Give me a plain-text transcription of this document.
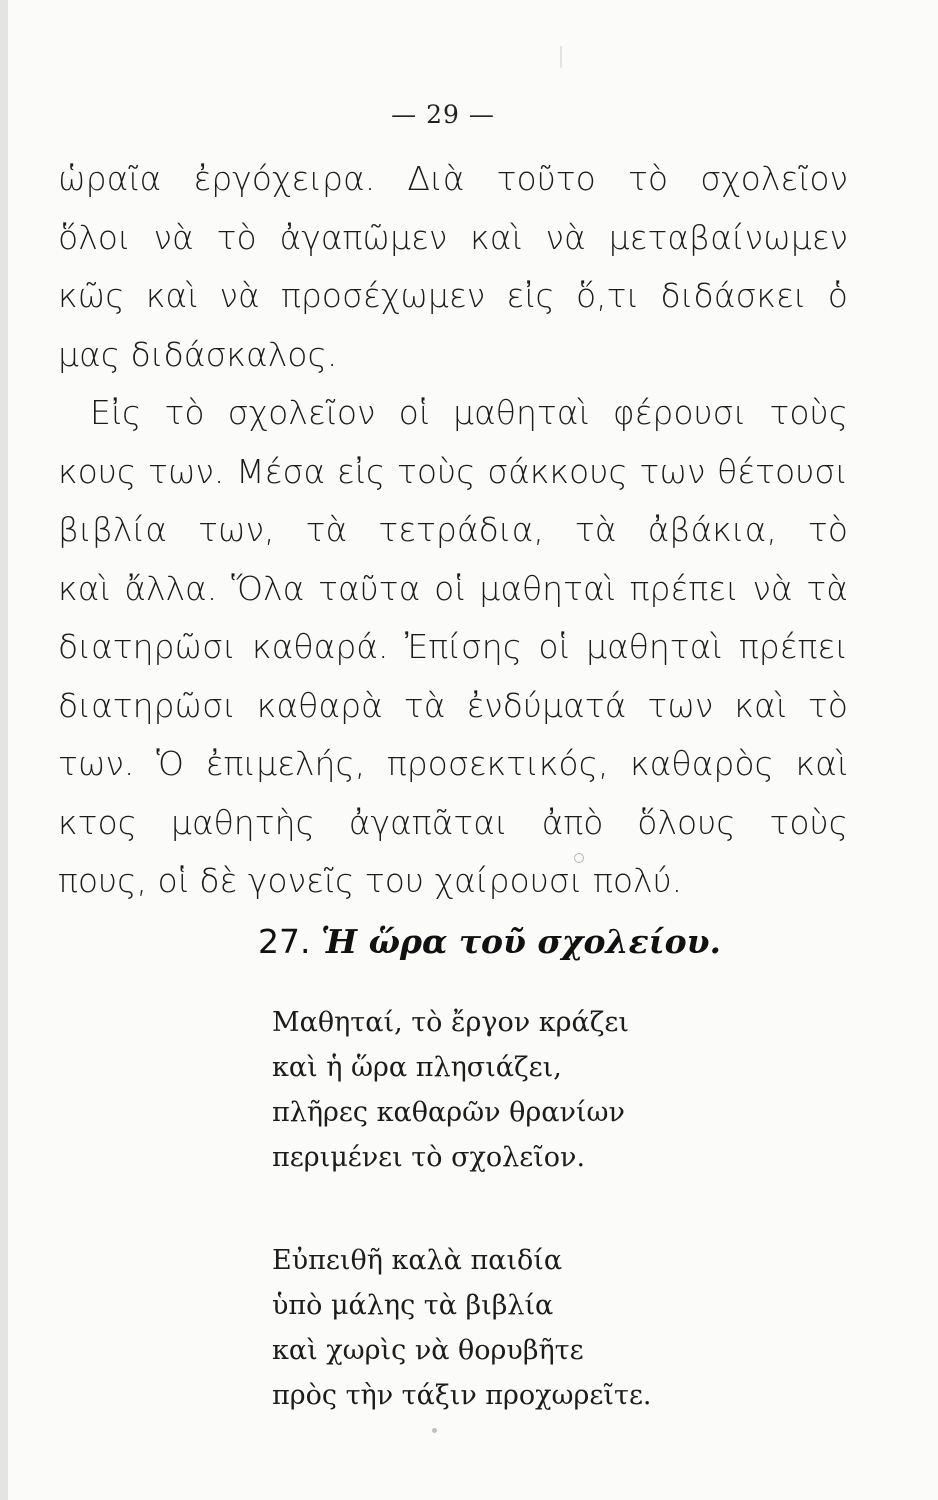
— 29 —
ὡραῖα ἐργόχειρα. Διὰ τοῦτο τὸ σχολεῖον
ὅλοι νὰ τὸ ἀγαπῶμεν καὶ νὰ μεταβαίνωμεν
κῶς καὶ νὰ προσέχωμεν εἰς ὅ,τι διδάσκει ὁ
μας διδάσκαλος.
Εἰς τὸ σχολεῖον οἱ μαθηταὶ φέρουσι τοὺς
κους των. Μέσα εἰς τοὺς σάκκους των θέτουσι
βιβλία των, τὰ τετράδια, τὰ ἀβάκια, τὸ
καὶ ἄλλα. Ὅλα ταῦτα οἱ μαθηταὶ πρέπει νὰ τὰ
διατηρῶσι καθαρά. Ἐπίσης οἱ μαθηταὶ πρέπει
διατηρῶσι καθαρὰ τὰ ἐνδύματά των καὶ τὸ
των. Ὁ ἐπιμελής, προσεκτικός, καθαρὸς καὶ
κτος μαθητὴς ἀγαπᾶται ἀπὸ ὅλους τοὺς
πους, οἱ δὲ γονεῖς του χαίρουσι πολύ.
27. Ἡ ὥρα τοῦ σχολείου.
Μαθηταί, τὸ ἔργον κράζει
καὶ ἡ ὥρα πλησιάζει,
πλῆρες καθαρῶν θρανίων
περιμένει τὸ σχολεῖον.
Εὐπειθῆ καλὰ παιδία
ὑπὸ μάλης τὰ βιβλία
καὶ χωρὶς νὰ θορυβῆτε
πρὸς τὴν τάξιν προχωρεῖτε.
